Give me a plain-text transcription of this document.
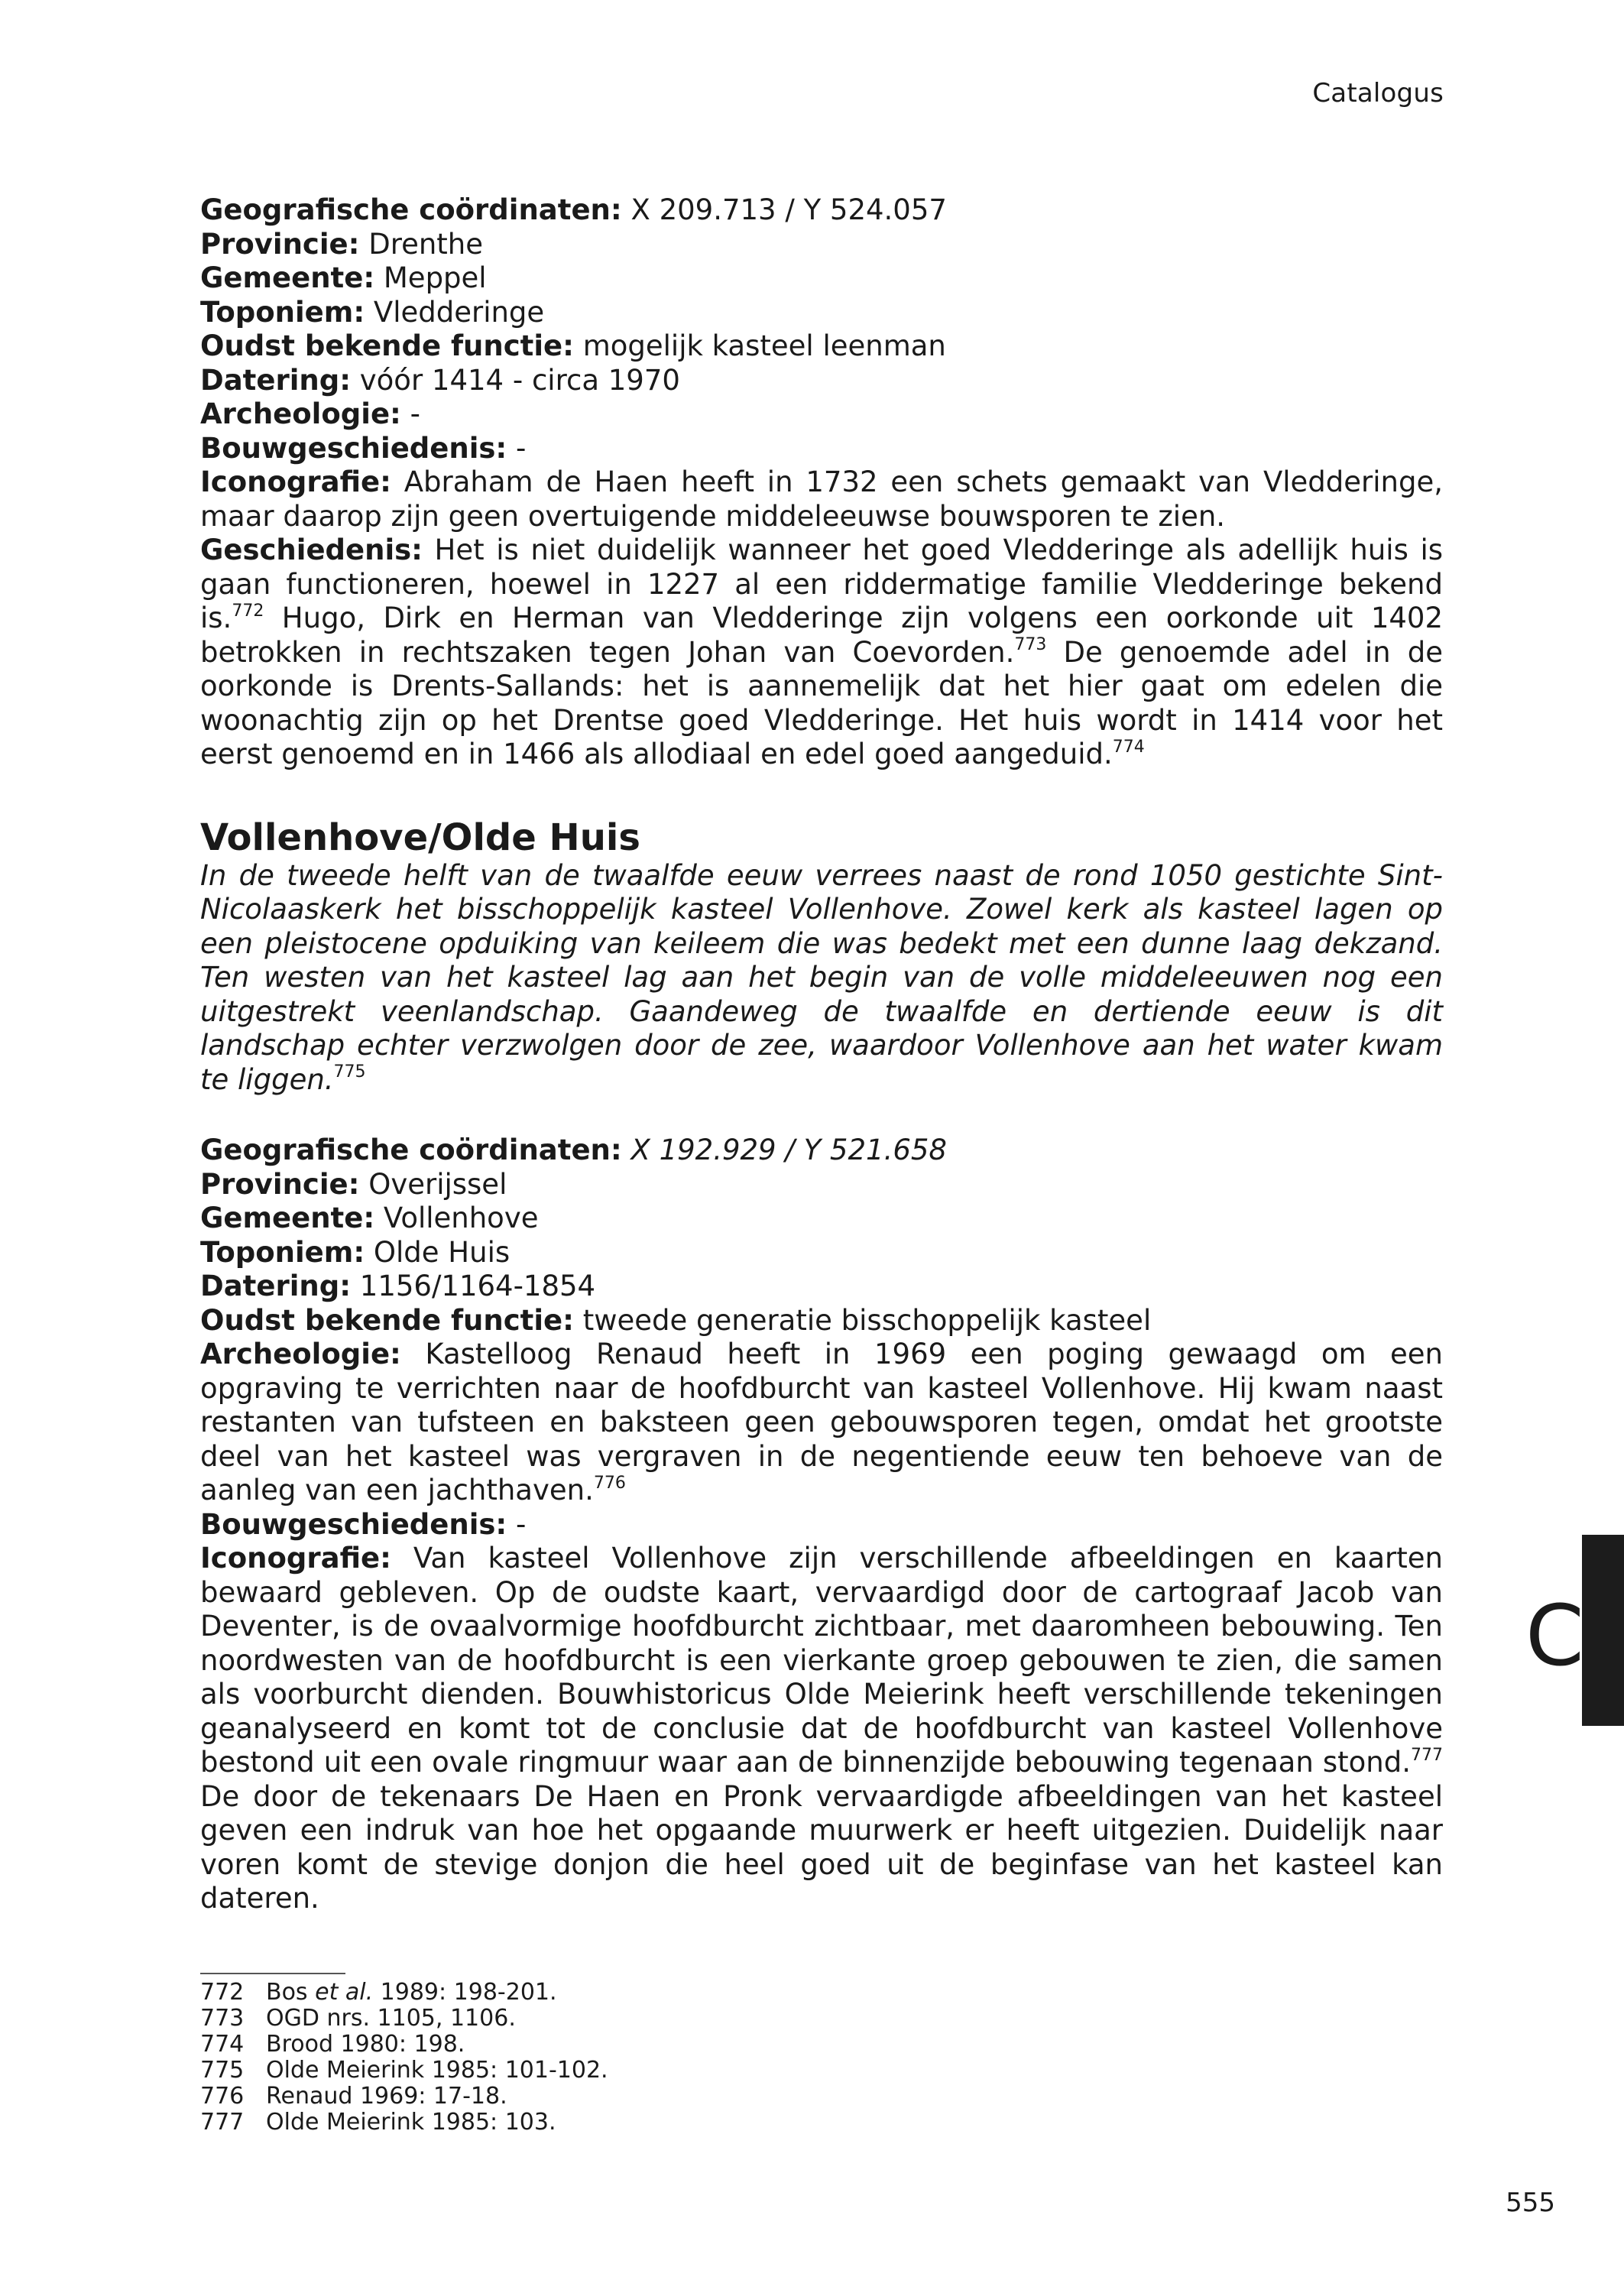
Catalogus

Geografische coördinaten: X 209.713 / Y 524.057

Provincie: Drenthe

Gemeente: Meppel

Toponiem: Vledderinge

Oudst bekende functie: mogelijk kasteel leenman

Datering: vóór 1414 - circa 1970

Archeologie: -

Bouwgeschiedenis: -

Iconografie: Abraham de Haen heeft in 1732 een schets gemaakt van Vledderinge, maar daarop zijn geen overtuigende middeleeuwse bouwsporen te zien.

Geschiedenis: Het is niet duidelijk wanneer het goed Vledderinge als adellijk huis is gaan functioneren, hoewel in 1227 al een riddermatige familie Vledderinge bekend is.$^{772}$ Hugo, Dirk en Herman van Vledderinge zijn volgens een oorkonde uit 1402 betrokken in rechtszaken tegen Johan van Coevorden.$^{773}$ De genoemde adel in de oorkonde is Drents-Sallands: het is aannemelijk dat het hier gaat om edelen die woonachtig zijn op het Drentse goed Vledderinge. Het huis wordt in 1414 voor het eerst genoemd en in 1466 als allodiaal en edel goed aangeduid.$^{774}$

Vollenhove/Olde Huis

In de tweede helft van de twaalfde eeuw verrees naast de rond 1050 gestichte Sint-Nicolaaskerk het bisschoppelijk kasteel Vollenhove. Zowel kerk als kasteel lagen op een pleistocene opduiking van keileem die was bedekt met een dunne laag dekzand. Ten westen van het kasteel lag aan het begin van de volle middeleeuwen nog een uitgestrekt veenlandschap. Gaandeweg de twaalfde en dertiende eeuw is dit landschap echter verzwolgen door de zee, waardoor Vollenhove aan het water kwam te liggen.$^{775}$

Geografische coördinaten: X 192.929 / Y 521.658

Provincie: Overijssel

Gemeente: Vollenhove

Toponiem: Olde Huis

Datering: 1156/1164-1854

Oudst bekende functie: tweede generatie bisschoppelijk kasteel

Archeologie: Kastelloog Renaud heeft in 1969 een poging gewaagd om een opgraving te verrichten naar de hoofdburcht van kasteel Vollenhove. Hij kwam naast restanten van tufsteen en baksteen geen gebouwsporen tegen, omdat het grootste deel van het kasteel was vergraven in de negentiende eeuw ten behoeve van de aanleg van een jachthaven.$^{776}$

Bouwgeschiedenis: -

Iconografie: Van kasteel Vollenhove zijn verschillende afbeeldingen en kaarten bewaard gebleven. Op de oudste kaart, vervaardigd door de cartograaf Jacob van Deventer, is de ovaalvormige hoofdburcht zichtbaar, met daaromheen bebouwing. Ten noordwesten van de hoofdburcht is een vierkante groep gebouwen te zien, die samen als voorburcht dienden. Bouwhistoricus Olde Meierink heeft verschillende tekeningen geanalyseerd en komt tot de conclusie dat de hoofdburcht van kasteel Vollenhove bestond uit een ovale ringmuur waar aan de binnenzijde bebouwing tegenaan stond.$^{777}$ De door de tekenaars De Haen en Pronk vervaardigde afbeeldingen van het kasteel geven een indruk van hoe het opgaande muurwerk er heeft uitgezien. Duidelijk naar voren komt de stevige donjon die heel goed uit de beginfase van het kasteel kan dateren.

C
772 Bos et al. 1989: 198-201.
773 OGD nrs. 1105, 1106.
774 Brood 1980: 198.
775 Olde Meierink 1985: 101-102.
776 Renaud 1969: 17-18.
777 Olde Meierink 1985: 103.
555
